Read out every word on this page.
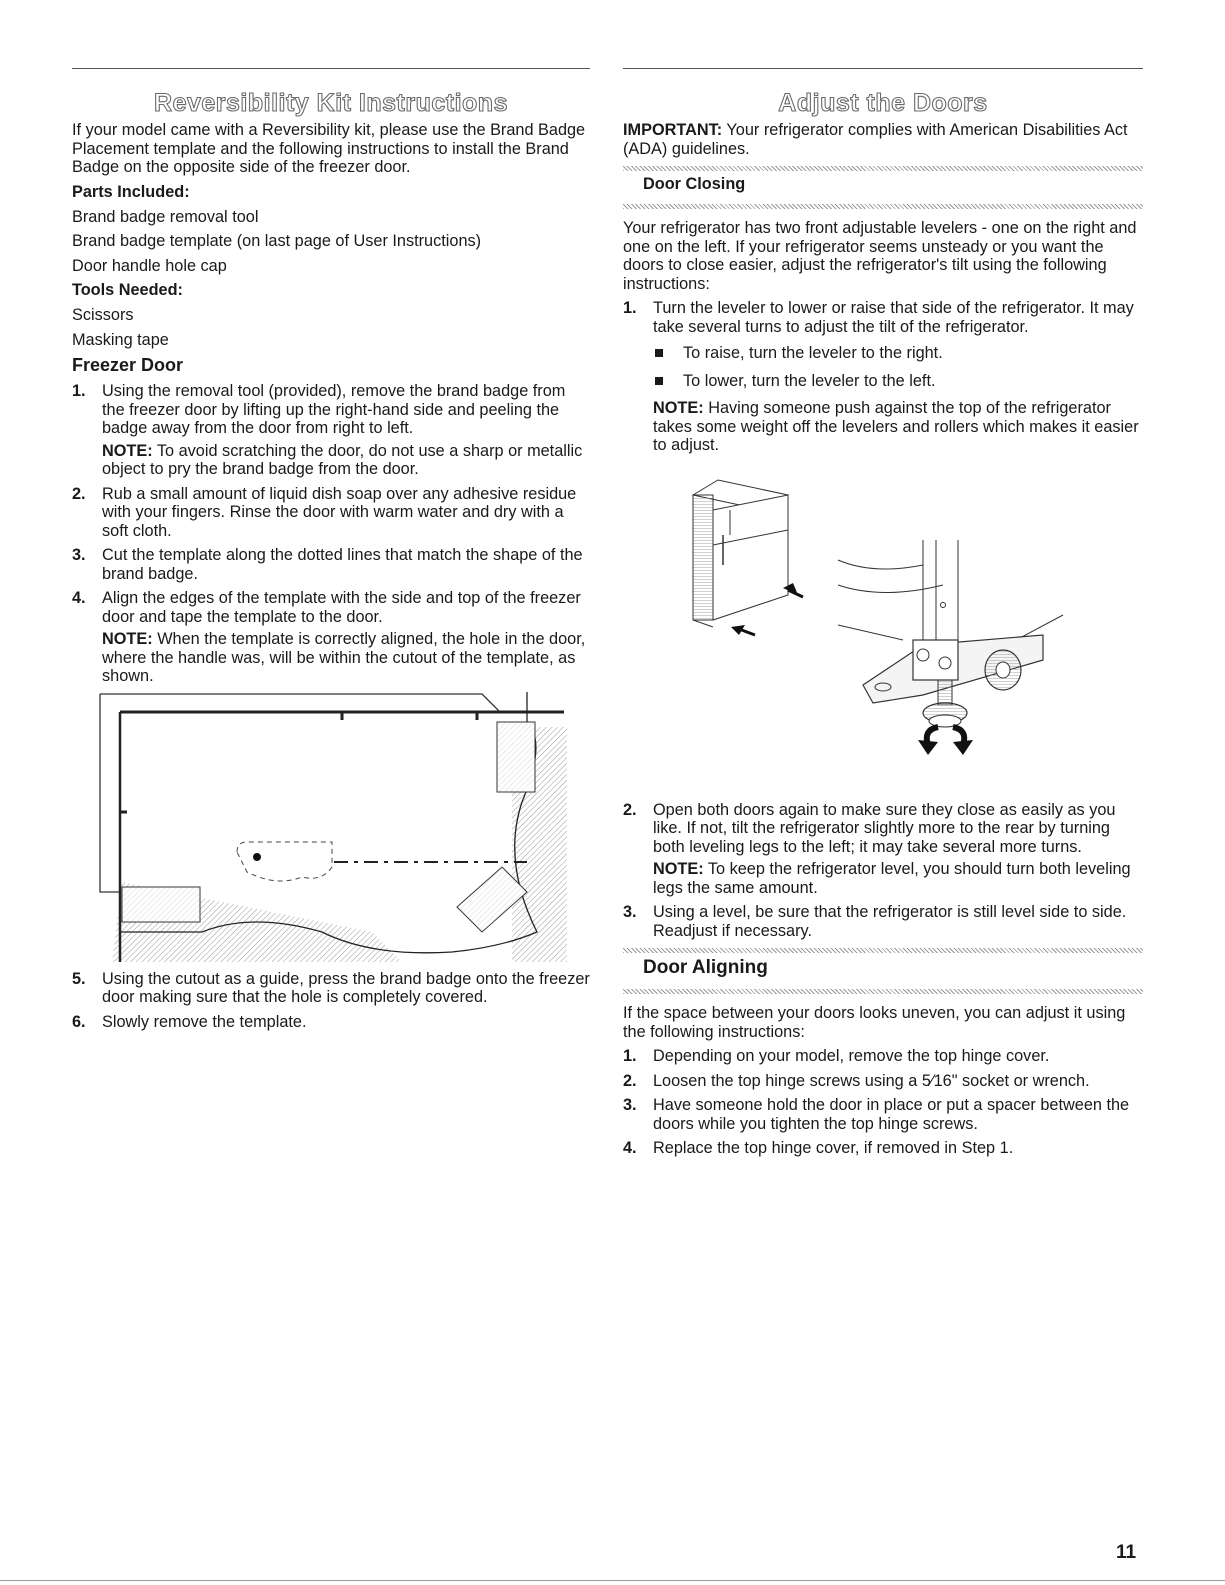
Reversibility Kit Instructions

If your model came with a Reversibility kit, please use the Brand Badge Placement template and the following instructions to install the Brand Badge on the opposite side of the freezer door.

Parts Included:
Brand badge removal tool
Brand badge template (on last page of User Instructions)
Door handle hole cap
Tools Needed:
Scissors
Masking tape
Freezer Door
1. Using the removal tool (provided), remove the brand badge from the freezer door by lifting up the right-hand side and peeling the badge away from the door from right to left.
NOTE: To avoid scratching the door, do not use a sharp or metallic object to pry the brand badge from the door.
2. Rub a small amount of liquid dish soap over any adhesive residue with your fingers. Rinse the door with warm water and dry with a soft cloth.
3. Cut the template along the dotted lines that match the shape of the brand badge.
4. Align the edges of the template with the side and top of the freezer door and tape the template to the door.
NOTE: When the template is correctly aligned, the hole in the door, where the handle was, will be within the cutout of the template, as shown.
5. Using the cutout as a guide, press the brand badge onto the freezer door making sure that the hole is completely covered.
6. Slowly remove the template.
Adjust the Doors

IMPORTANT: Your refrigerator complies with American Disabilities Act (ADA) guidelines.

Door Closing

Your refrigerator has two front adjustable levelers - one on the right and one on the left. If your refrigerator seems unsteady or you want the doors to close easier, adjust the refrigerator's tilt using the following instructions:

1. Turn the leveler to lower or raise that side of the refrigerator. It may take several turns to adjust the tilt of the refrigerator.
To raise, turn the leveler to the right.
To lower, turn the leveler to the left.
NOTE: Having someone push against the top of the refrigerator takes some weight off the levelers and rollers which makes it easier to adjust.
2. Open both doors again to make sure they close as easily as you like. If not, tilt the refrigerator slightly more to the rear by turning both leveling legs to the left; it may take several more turns.
NOTE: To keep the refrigerator level, you should turn both leveling legs the same amount.
3. Using a level, be sure that the refrigerator is still level side to side. Readjust if necessary.
Door Aligning

If the space between your doors looks uneven, you can adjust it using the following instructions:

1. Depending on your model, remove the top hinge cover.
2. Loosen the top hinge screws using a 5⁄16" socket or wrench.
3. Have someone hold the door in place or put a spacer between the doors while you tighten the top hinge screws.
4. Replace the top hinge cover, if removed in Step 1.
11
